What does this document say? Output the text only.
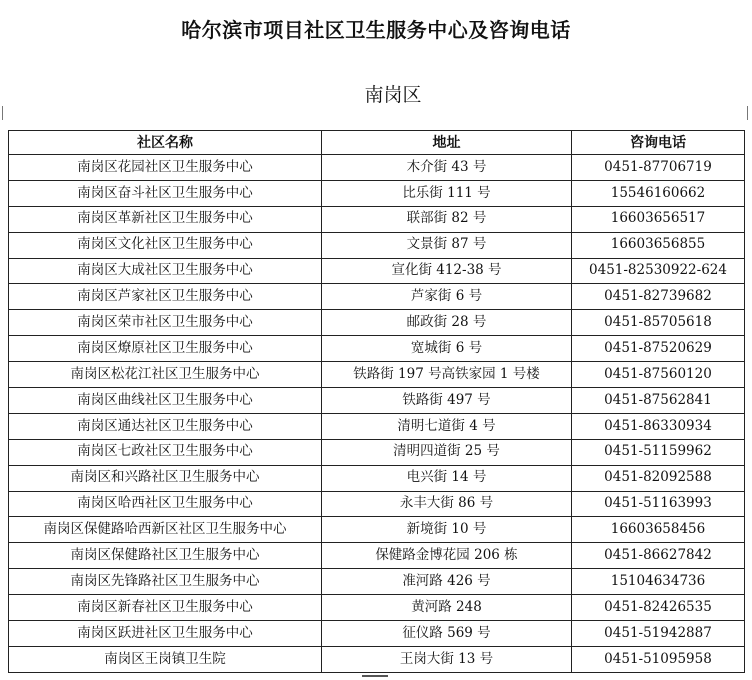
哈尔滨市项目社区卫生服务中心及咨询电话
南岗区
社区名称	地址	咨询电话
南岗区花园社区卫生服务中心	木介街 43 号	0451-87706719
南岗区奋斗社区卫生服务中心	比乐街 111 号	15546160662
南岗区革新社区卫生服务中心	联部街 82 号	16603656517
南岗区文化社区卫生服务中心	文景街 87 号	16603656855
南岗区大成社区卫生服务中心	宣化街 412-38 号	0451-82530922-624
南岗区芦家社区卫生服务中心	芦家街 6 号	0451-82739682
南岗区荣市社区卫生服务中心	邮政街 28 号	0451-85705618
南岗区燎原社区卫生服务中心	宽城街 6 号	0451-87520629
南岗区松花江社区卫生服务中心	铁路街 197 号高铁家园 1 号楼	0451-87560120
南岗区曲线社区卫生服务中心	铁路街 497 号	0451-87562841
南岗区通达社区卫生服务中心	清明七道街 4 号	0451-86330934
南岗区七政社区卫生服务中心	清明四道街 25 号	0451-51159962
南岗区和兴路社区卫生服务中心	电兴街 14 号	0451-82092588
南岗区哈西社区卫生服务中心	永丰大街 86 号	0451-51163993
南岗区保健路哈西新区社区卫生服务中心	新境街 10 号	16603658456
南岗区保健路社区卫生服务中心	保健路金博花园 206 栋	0451-86627842
南岗区先锋路社区卫生服务中心	准河路 426 号	15104634736
南岗区新春社区卫生服务中心	黄河路 248	0451-82426535
南岗区跃进社区卫生服务中心	征仪路 569 号	0451-51942887
南岗区王岗镇卫生院	王岗大街 13 号	0451-51095958
